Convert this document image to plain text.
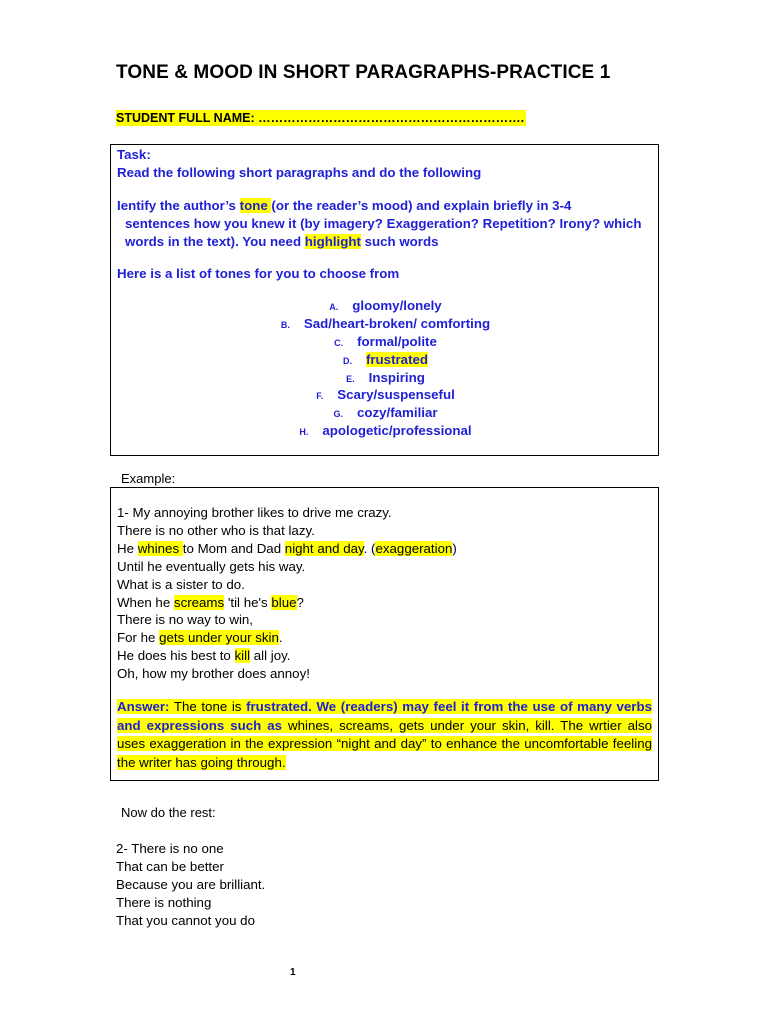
TONE & MOOD IN SHORT PARAGRAPHS-PRACTICE 1
STUDENT FULL NAME: ……………………………………………………….
Task:
Read the following short paragraphs and do the following
Ientify the author’s tone (or the reader’s mood) and explain briefly in 3-4
sentences how you knew it (by imagery? Exaggeration? Repetition? Irony? which
words in the text). You need highlight such words
Here is a list of tones for you to choose from
A. gloomy/lonely
B. Sad/heart-broken/ comforting
C. formal/polite
D. frustrated
E. Inspiring
F. Scary/suspenseful
G. cozy/familiar
H. apologetic/professional
Example:
1- My annoying brother likes to drive me crazy.
There is no other who is that lazy.
He whines to Mom and Dad night and day. (exaggeration)
Until he eventually gets his way.
What is a sister to do.
When he screams 'til he's blue?
There is no way to win,
For he gets under your skin.
He does his best to kill all joy.
Oh, how my brother does annoy!
Answer: The tone is frustrated. We (readers) may feel it from the use of many verbs and expressions such as whines, screams, gets under your skin, kill. The wrtier also uses exaggeration in the expression “night and day” to enhance the uncomfortable feeling the writer has going through.
Now do the rest:
2- There is no one
That can be better
Because you are brilliant.
There is nothing
That you cannot you do
1
